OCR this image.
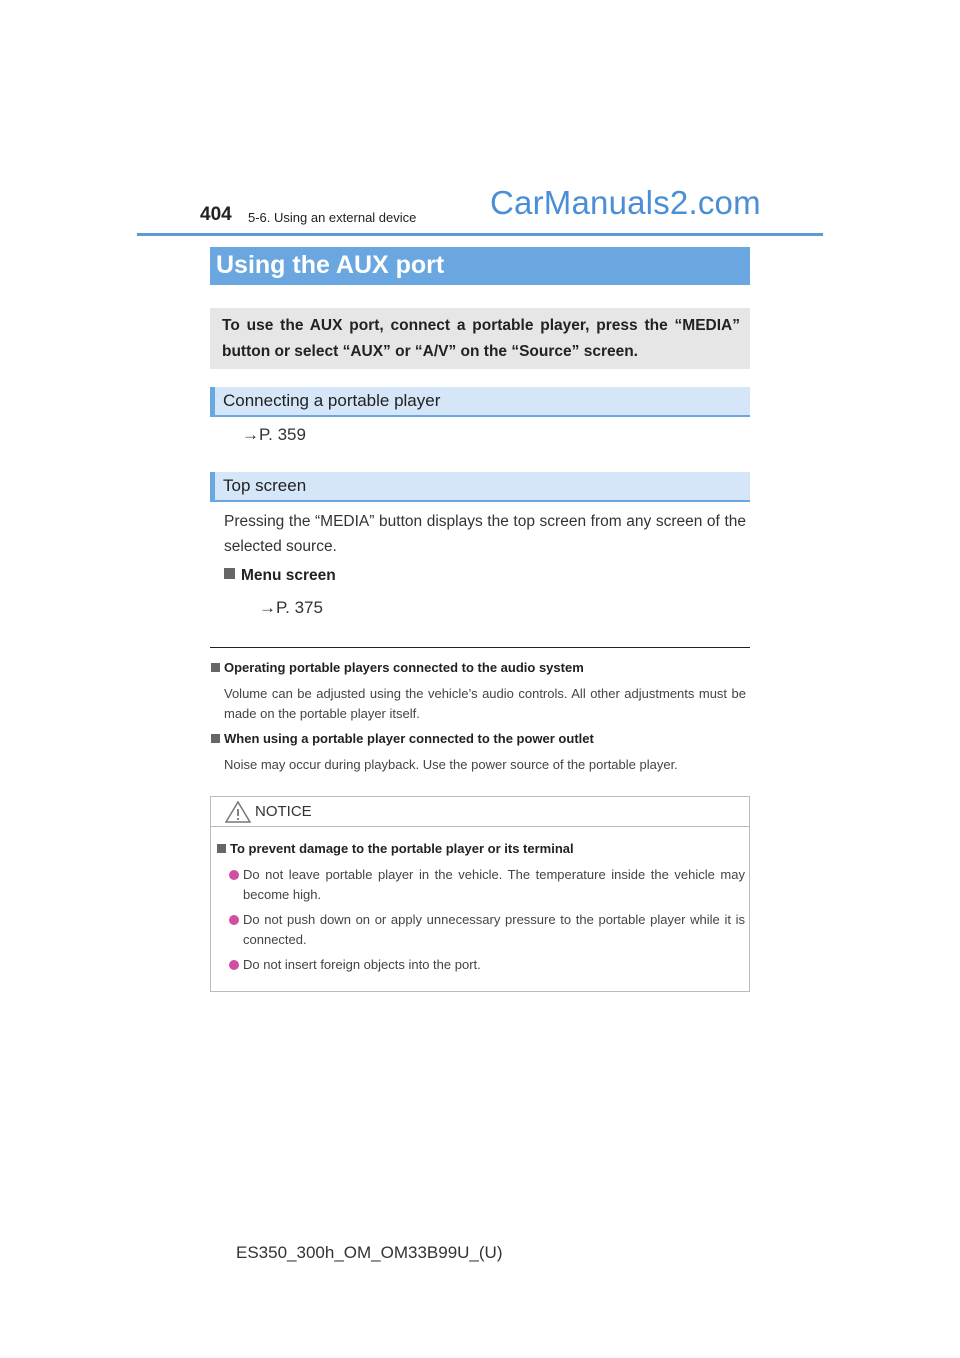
404 5-6. Using an external device CarManuals2.com
Using the AUX port

To use the AUX port, connect a portable player, press the “MEDIA” button or select “AUX” or “A/V” on the “Source” screen.

Connecting a portable player
→P. 359
Top screen
Pressing the “MEDIA” button displays the top screen from any screen of the selected source.
Menu screen
→P. 375
Operating portable players connected to the audio system
Volume can be adjusted using the vehicle’s audio controls. All other adjustments must be made on the portable player itself.
When using a portable player connected to the power outlet
Noise may occur during playback. Use the power source of the portable player.
NOTICE
To prevent damage to the portable player or its terminal
Do not leave portable player in the vehicle. The temperature inside the vehicle may become high.
Do not push down on or apply unnecessary pressure to the portable player while it is connected.
Do not insert foreign objects into the port.
ES350_300h_OM_OM33B99U_(U)
